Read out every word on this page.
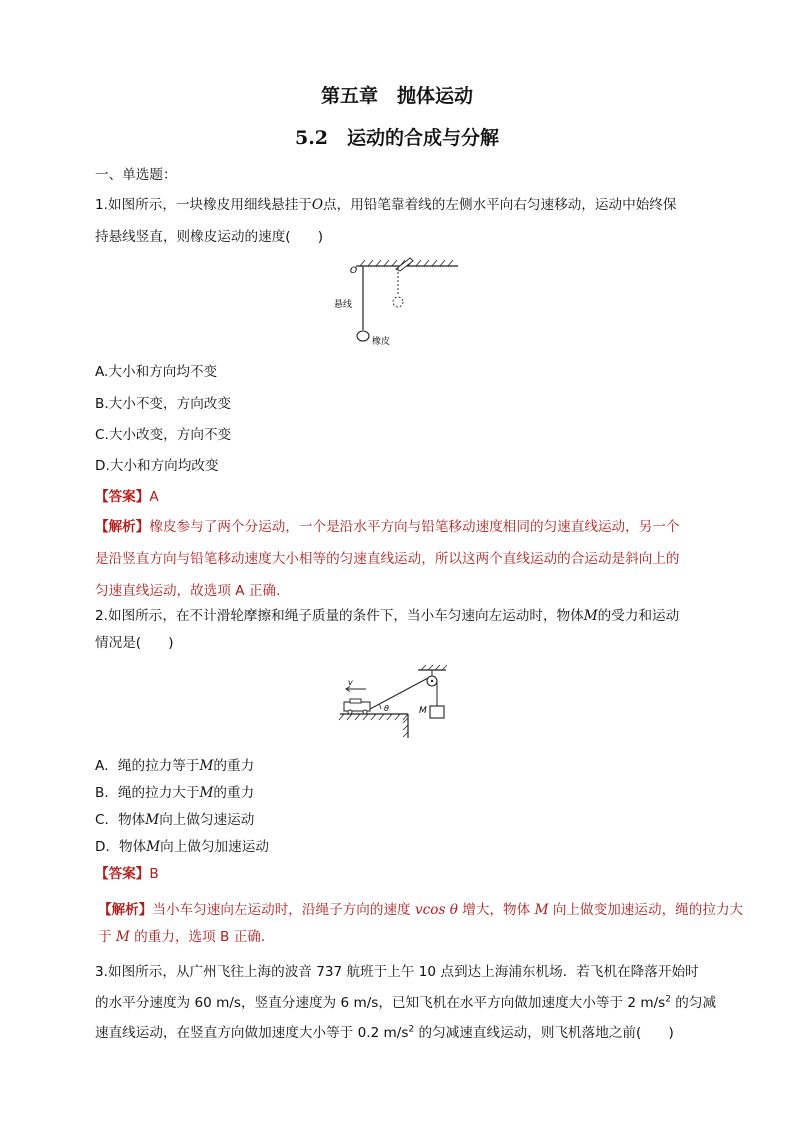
第五章　抛体运动
5.2　运动的合成与分解
一、单选题：
1.如图所示，一块橡皮用细线悬挂于O点，用铅笔靠着线的左侧水平向右匀速移动，运动中始终保
持悬线竖直，则橡皮运动的速度(　　)
O
悬线
橡皮
A.大小和方向均不变
B.大小不变，方向改变
C.大小改变，方向不变
D.大小和方向均改变
【答案】A
【解析】橡皮参与了两个分运动，一个是沿水平方向与铅笔移动速度相同的匀速直线运动，另一个
是沿竖直方向与铅笔移动速度大小相等的匀速直线运动，所以这两个直线运动的合运动是斜向上的
匀速直线运动，故选项 A 正确.
2.如图所示，在不计滑轮摩擦和绳子质量的条件下，当小车匀速向左运动时，物体M的受力和运动
情况是(　　)
v
θ	M
A．绳的拉力等于M的重力
B．绳的拉力大于M的重力
C．物体M向上做匀速运动
D．物体M向上做匀加速运动
【答案】B
【解析】当小车匀速向左运动时，沿绳子方向的速度 vcos θ 增大，物体 M 向上做变加速运动，绳的拉力大
于 M 的重力，选项 B 正确．
3.如图所示，从广州飞往上海的波音 737 航班于上午 10 点到达上海浦东机场．若飞机在降落开始时
的水平分速度为 60 m/s，竖直分速度为 6 m/s，已知飞机在水平方向做加速度大小等于 2 $m/s^2$ 的匀减
速直线运动，在竖直方向做加速度大小等于 0.2 $m/s^2$ 的匀减速直线运动，则飞机落地之前(　　)
